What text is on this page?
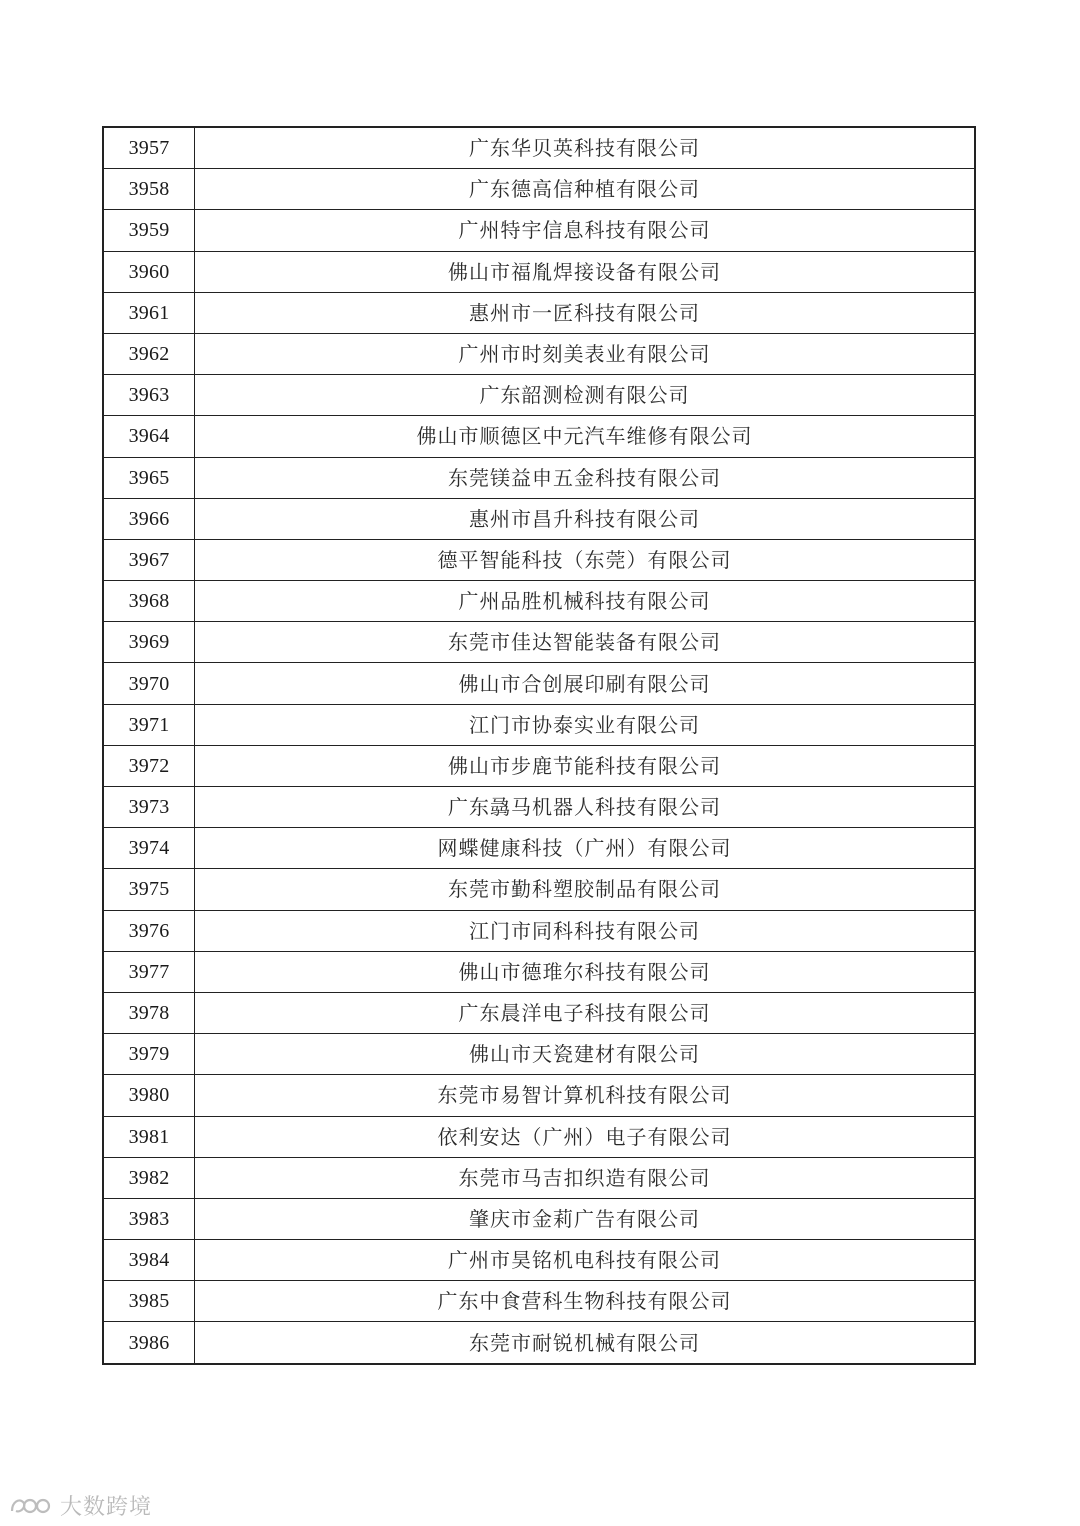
3957	广东华贝英科技有限公司
3958	广东德高信种植有限公司
3959	广州特宇信息科技有限公司
3960	佛山市福胤焊接设备有限公司
3961	惠州市一匠科技有限公司
3962	广州市时刻美表业有限公司
3963	广东韶测检测有限公司
3964	佛山市顺德区中元汽车维修有限公司
3965	东莞镁益申五金科技有限公司
3966	惠州市昌升科技有限公司
3967	德平智能科技（东莞）有限公司
3968	广州品胜机械科技有限公司
3969	东莞市佳达智能装备有限公司
3970	佛山市合创展印刷有限公司
3971	江门市协泰实业有限公司
3972	佛山市步鹿节能科技有限公司
3973	广东骉马机器人科技有限公司
3974	网蝶健康科技（广州）有限公司
3975	东莞市勤科塑胶制品有限公司
3976	江门市同科科技有限公司
3977	佛山市德琟尔科技有限公司
3978	广东晨洋电子科技有限公司
3979	佛山市天瓷建材有限公司
3980	东莞市易智计算机科技有限公司
3981	依利安达（广州）电子有限公司
3982	东莞市马吉扣织造有限公司
3983	肇庆市金莉广告有限公司
3984	广州市昊铭机电科技有限公司
3985	广东中食营科生物科技有限公司
3986	东莞市耐锐机械有限公司
大数跨境
